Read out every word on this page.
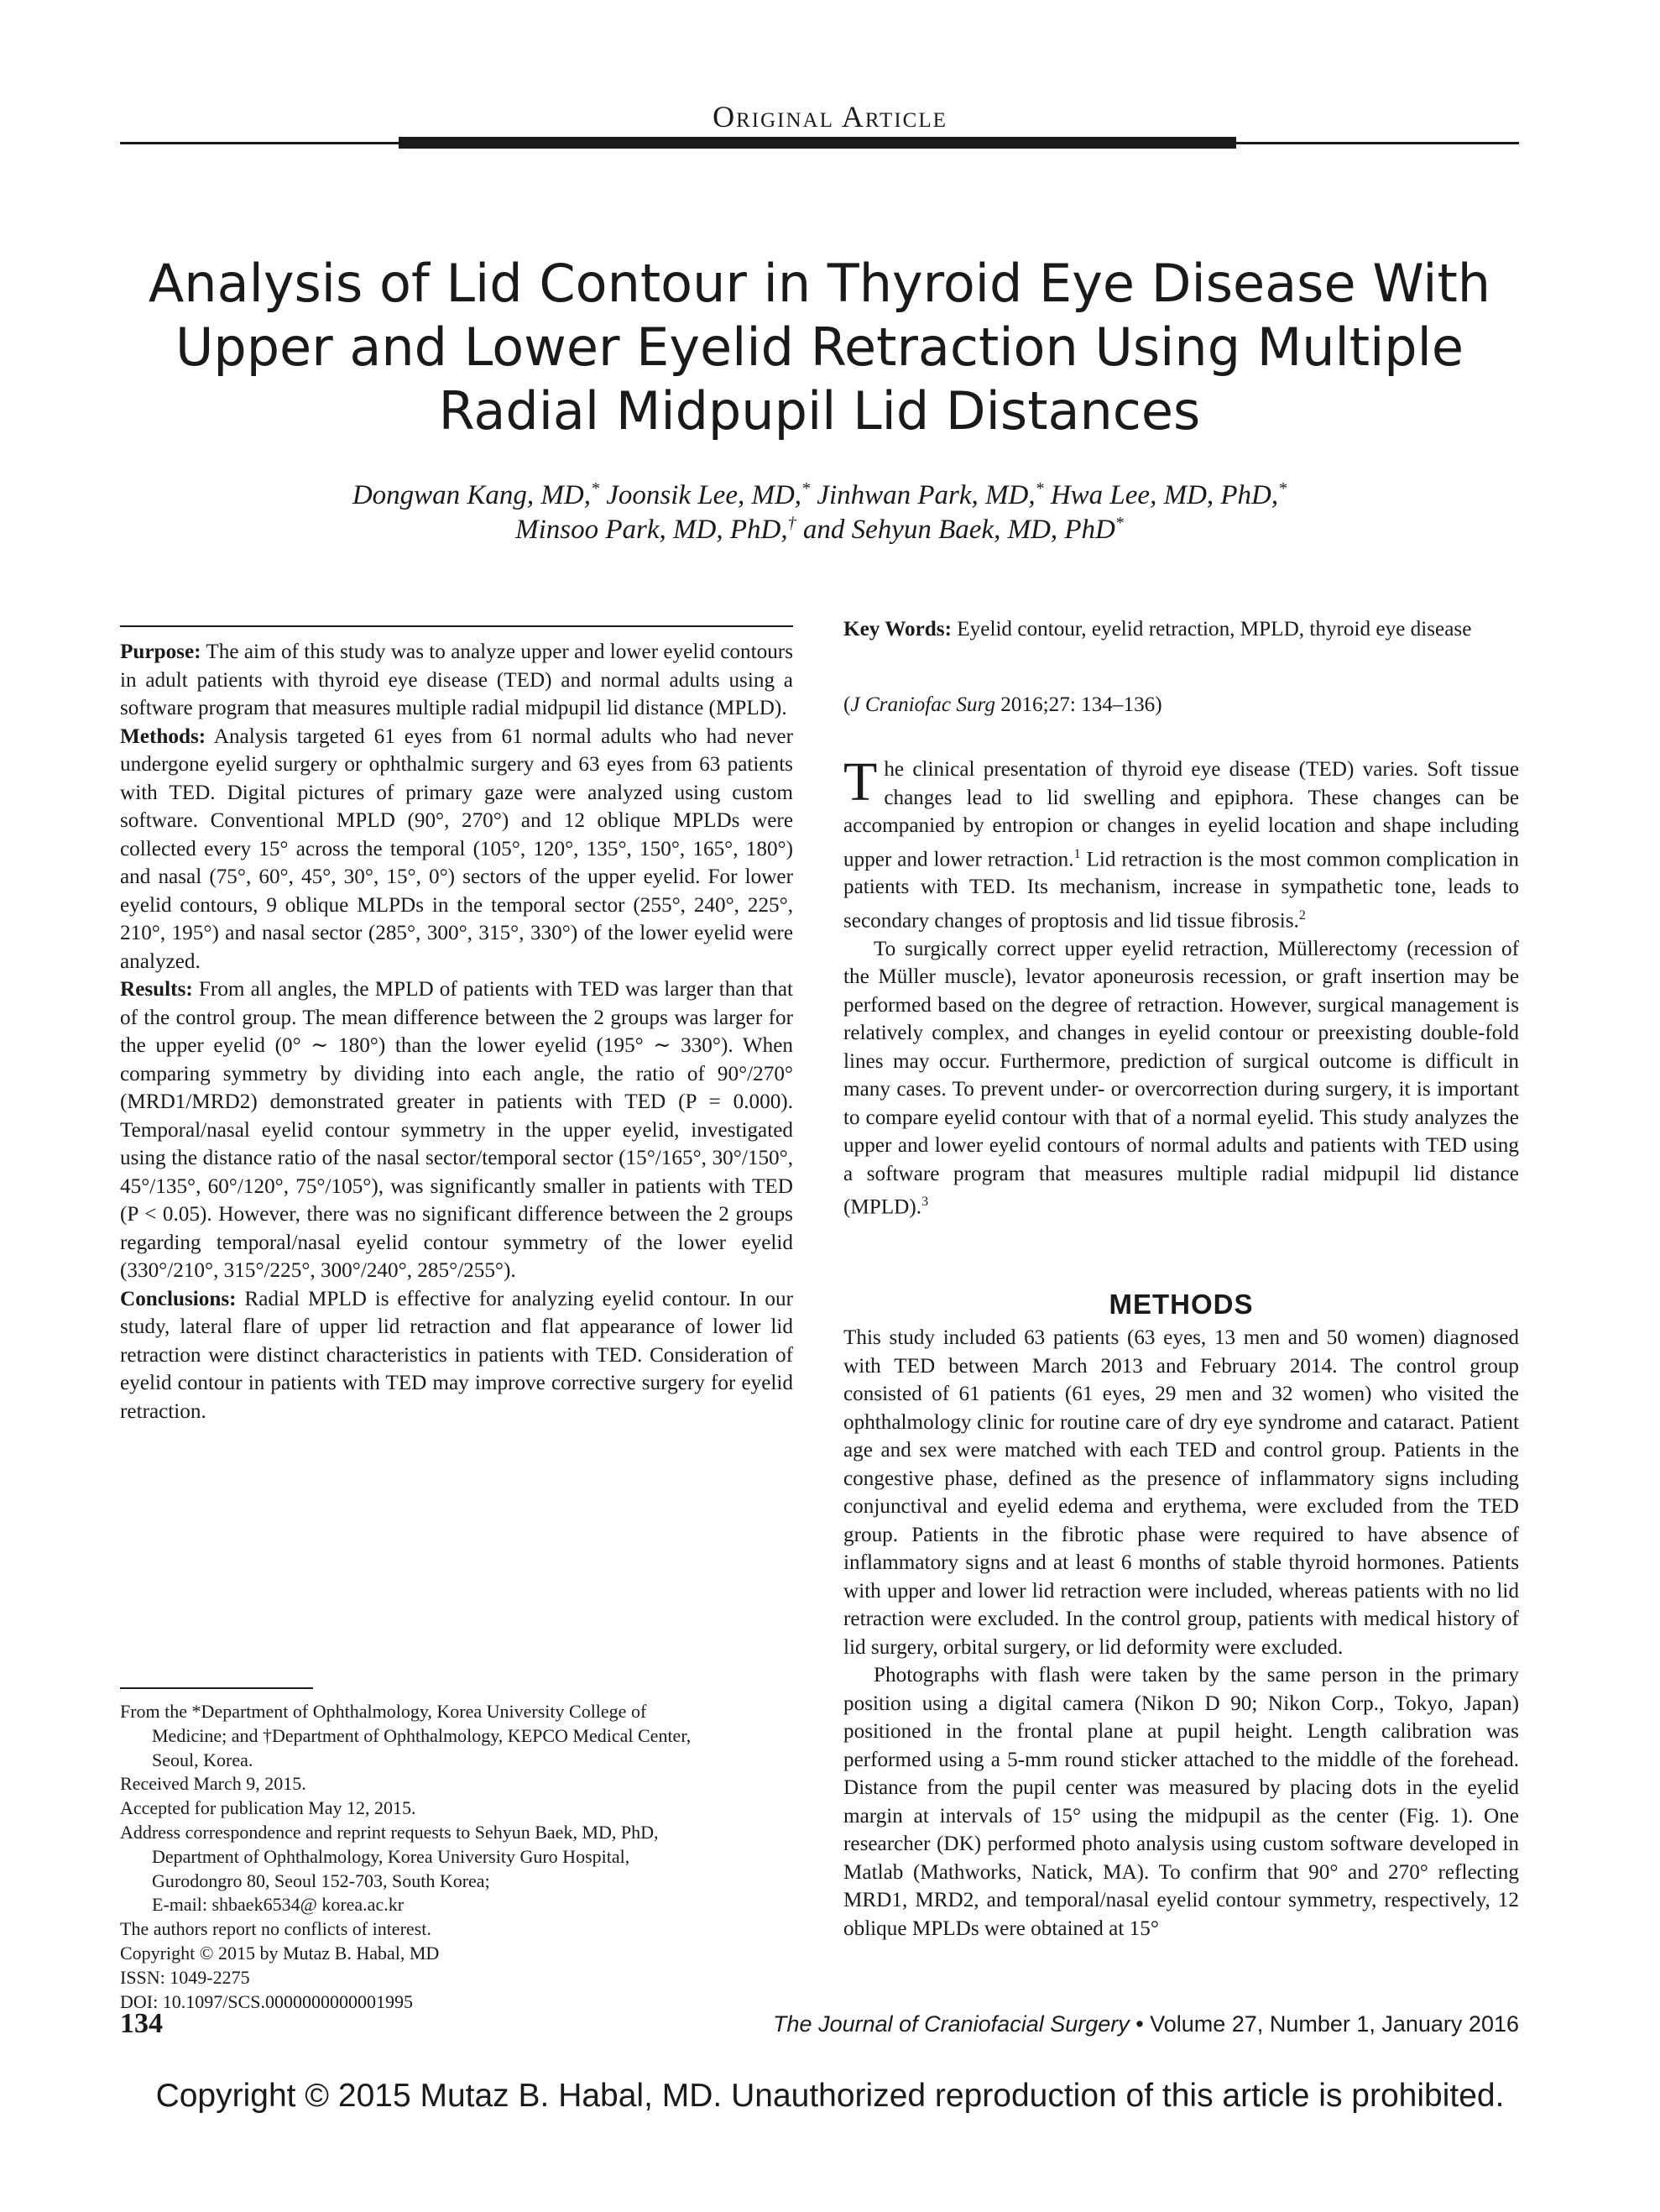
Original Article
Analysis of Lid Contour in Thyroid Eye Disease With
Upper and Lower Eyelid Retraction Using Multiple
Radial Midpupil Lid Distances
Dongwan Kang, MD,* Joonsik Lee, MD,* Jinhwan Park, MD,* Hwa Lee, MD, PhD,*
Minsoo Park, MD, PhD,† and Sehyun Baek, MD, PhD*

Purpose: The aim of this study was to analyze upper and lower eyelid contours in adult patients with thyroid eye disease (TED) and normal adults using a software program that measures multiple radial midpupil lid distance (MPLD).

Methods: Analysis targeted 61 eyes from 61 normal adults who had never undergone eyelid surgery or ophthalmic surgery and 63 eyes from 63 patients with TED. Digital pictures of primary gaze were analyzed using custom software. Conventional MPLD (90°, 270°) and 12 oblique MPLDs were collected every 15° across the temporal (105°, 120°, 135°, 150°, 165°, 180°) and nasal (75°, 60°, 45°, 30°, 15°, 0°) sectors of the upper eyelid. For lower eyelid contours, 9 oblique MLPDs in the temporal sector (255°, 240°, 225°, 210°, 195°) and nasal sector (285°, 300°, 315°, 330°) of the lower eyelid were analyzed.

Results: From all angles, the MPLD of patients with TED was larger than that of the control group. The mean difference between the 2 groups was larger for the upper eyelid (0° ∼ 180°) than the lower eyelid (195° ∼ 330°). When comparing symmetry by dividing into each angle, the ratio of 90°/270° (MRD1/MRD2) demonstrated greater in patients with TED (P = 0.000). Temporal/nasal eyelid contour symmetry in the upper eyelid, investigated using the distance ratio of the nasal sector/temporal sector (15°/165°, 30°/150°, 45°/135°, 60°/120°, 75°/105°), was significantly smaller in patients with TED (P < 0.05). However, there was no significant difference between the 2 groups regarding temporal/nasal eyelid contour symmetry of the lower eyelid (330°/210°, 315°/225°, 300°/240°, 285°/255°).

Conclusions: Radial MPLD is effective for analyzing eyelid contour. In our study, lateral flare of upper lid retraction and flat appearance of lower lid retraction were distinct characteristics in patients with TED. Consideration of eyelid contour in patients with TED may improve corrective surgery for eyelid retraction.

Key Words: Eyelid contour, eyelid retraction, MPLD, thyroid eye disease

(J Craniofac Surg 2016;27: 134–136)

The clinical presentation of thyroid eye disease (TED) varies. Soft tissue changes lead to lid swelling and epiphora. These changes can be accompanied by entropion or changes in eyelid location and shape including upper and lower retraction.$^1$ Lid retraction is the most common complication in patients with TED. Its mechanism, increase in sympathetic tone, leads to secondary changes of proptosis and lid tissue fibrosis.$^2$

To surgically correct upper eyelid retraction, Müllerectomy (recession of the Müller muscle), levator aponeurosis recession, or graft insertion may be performed based on the degree of retraction. However, surgical management is relatively complex, and changes in eyelid contour or preexisting double-fold lines may occur. Furthermore, prediction of surgical outcome is difficult in many cases. To prevent under- or overcorrection during surgery, it is important to compare eyelid contour with that of a normal eyelid. This study analyzes the upper and lower eyelid contours of normal adults and patients with TED using a software program that measures multiple radial midpupil lid distance (MPLD).$^3$

METHODS

This study included 63 patients (63 eyes, 13 men and 50 women) diagnosed with TED between March 2013 and February 2014. The control group consisted of 61 patients (61 eyes, 29 men and 32 women) who visited the ophthalmology clinic for routine care of dry eye syndrome and cataract. Patient age and sex were matched with each TED and control group. Patients in the congestive phase, defined as the presence of inflammatory signs including conjunctival and eyelid edema and erythema, were excluded from the TED group. Patients in the fibrotic phase were required to have absence of inflammatory signs and at least 6 months of stable thyroid hormones. Patients with upper and lower lid retraction were included, whereas patients with no lid retraction were excluded. In the control group, patients with medical history of lid surgery, orbital surgery, or lid deformity were excluded.

Photographs with flash were taken by the same person in the primary position using a digital camera (Nikon D 90; Nikon Corp., Tokyo, Japan) positioned in the frontal plane at pupil height. Length calibration was performed using a 5-mm round sticker attached to the middle of the forehead. Distance from the pupil center was measured by placing dots in the eyelid margin at intervals of 15° using the midpupil as the center (Fig. 1). One researcher (DK) performed photo analysis using custom software developed in Matlab (Mathworks, Natick, MA). To confirm that 90° and 270° reflecting MRD1, MRD2, and temporal/nasal eyelid contour symmetry, respectively, 12 oblique MPLDs were obtained at 15°

From the *Department of Ophthalmology, Korea University College of
Medicine; and †Department of Ophthalmology, KEPCO Medical Center,
Seoul, Korea.
Received March 9, 2015.
Accepted for publication May 12, 2015.
Address correspondence and reprint requests to Sehyun Baek, MD, PhD,
Department of Ophthalmology, Korea University Guro Hospital,
Gurodongro 80, Seoul 152-703, South Korea;
E-mail: shbaek6534@ korea.ac.kr
The authors report no conflicts of interest.
Copyright © 2015 by Mutaz B. Habal, MD
ISSN: 1049-2275
DOI: 10.1097/SCS.0000000000001995
134	The Journal of Craniofacial Surgery • Volume 27, Number 1, January 2016
Copyright © 2015 Mutaz B. Habal, MD. Unauthorized reproduction of this article is prohibited.
